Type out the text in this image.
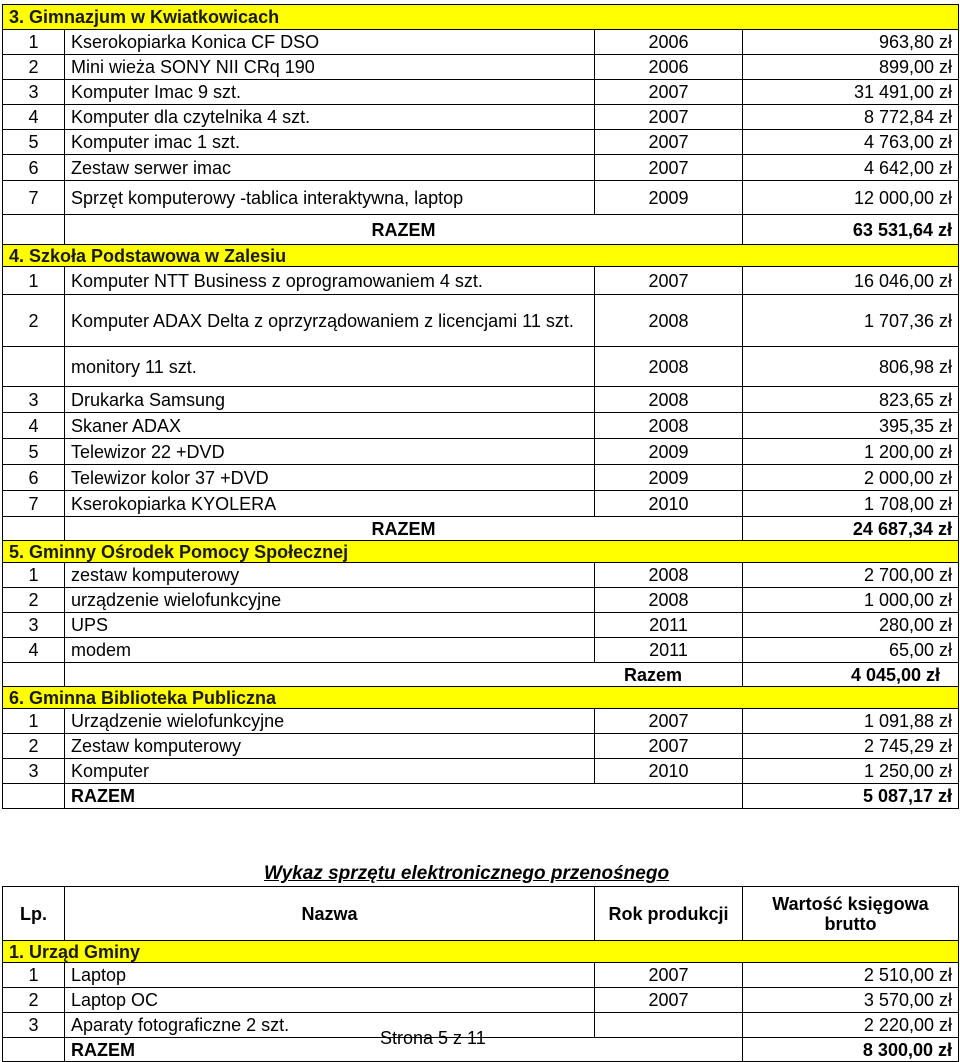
3. Gimnazjum w Kwiatkowicach			
1	Kserokopiarka Konica CF DSO	2006	963,80 zł
2	Mini wieża SONY NII CRq 190	2006	899,00 zł
3	Komputer Imac 9 szt.	2007	31 491,00 zł
4	Komputer dla czytelnika 4 szt.	2007	8 772,84 zł
5	Komputer imac 1 szt.	2007	4 763,00 zł
6	Zestaw serwer imac	2007	4 642,00 zł
7	Sprzęt komputerowy -tablica interaktywna, laptop	2009	12 000,00 zł
	RAZEM		63 531,64 zł
4. Szkoła Podstawowa w Zalesiu			
1	Komputer NTT Business z oprogramowaniem 4 szt.	2007	16 046,00 zł
2	Komputer ADAX Delta z oprzyrządowaniem z licencjami 11 szt.	2008	1 707,36 zł
	monitory 11 szt.	2008	806,98 zł
3	Drukarka Samsung	2008	823,65 zł
4	Skaner ADAX	2008	395,35 zł
5	Telewizor 22 +DVD	2009	1 200,00 zł
6	Telewizor kolor 37 +DVD	2009	2 000,00 zł
7	Kserokopiarka KYOLERA	2010	1 708,00 zł
	RAZEM		24 687,34 zł
5. Gminny Ośrodek Pomocy Społecznej			
1	zestaw komputerowy	2008	2 700,00 zł
2	urządzenie wielofunkcyjne	2008	1 000,00 zł
3	UPS	2011	280,00 zł
4	modem	2011	65,00 zł
	Razem		4 045,00 zł
6. Gminna Biblioteka Publiczna			
1	Urządzenie wielofunkcyjne	2007	1 091,88 zł
2	Zestaw komputerowy	2007	2 745,29 zł
3	Komputer	2010	1 250,00 zł
	RAZEM		5 087,17 zł
Wykaz sprzętu elektronicznego przenośnego
Lp.	Nazwa	Rok produkcji	Wartość księgowa brutto
1. Urząd Gminy			
1	Laptop	2007	2 510,00 zł
2	Laptop OC	2007	3 570,00 zł
3	Aparaty fotograficzne 2 szt.		2 220,00 zł
	RAZEM		8 300,00 zł
Strona 5 z 11
